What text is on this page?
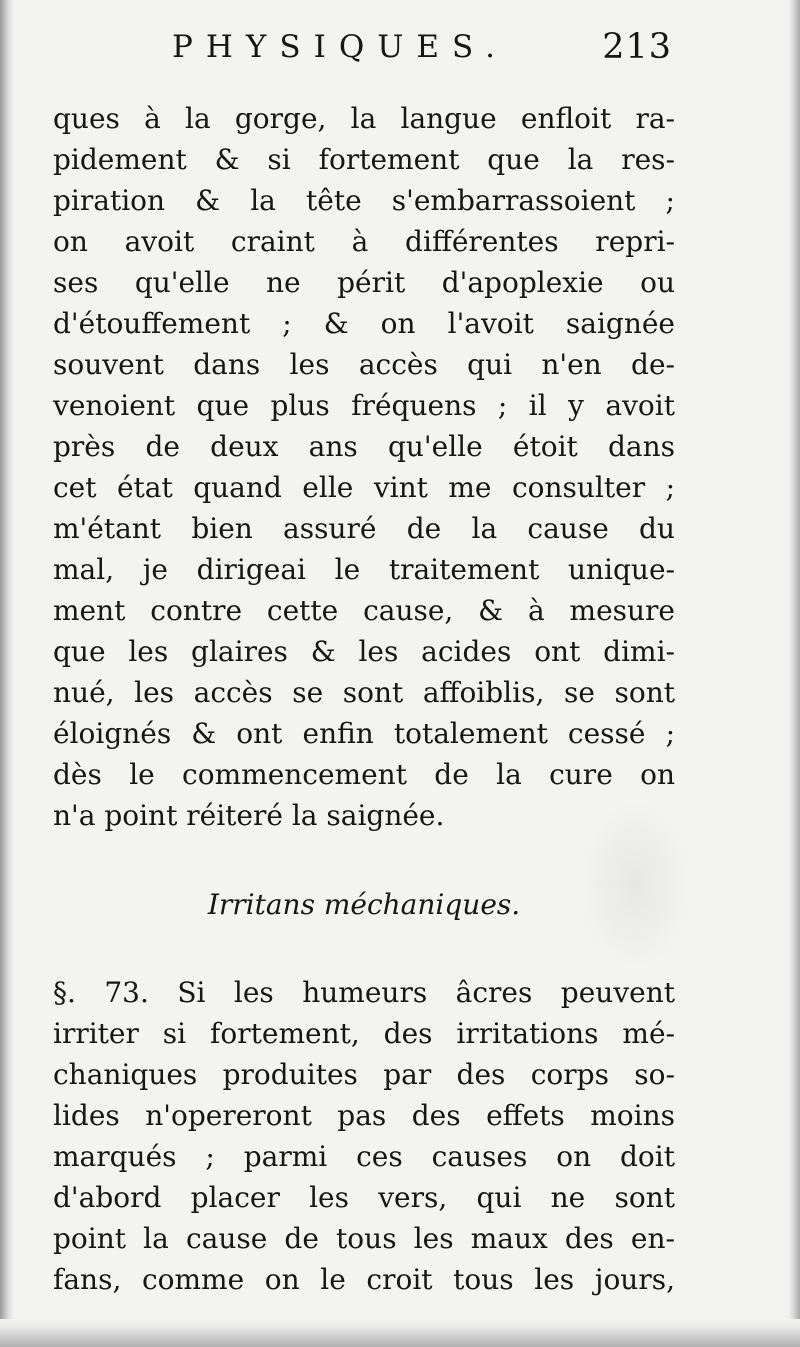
PHYSIQUES.	213
ques à la gorge, la langue enfloit ra-
pidement & si fortement que la res-
piration & la tête s'embarrassoient ;
on avoit craint à différentes repri-
ses qu'elle ne périt d'apoplexie ou
d'étouffement ; & on l'avoit saignée
souvent dans les accès qui n'en de-
venoient que plus fréquens ; il y avoit
près de deux ans qu'elle étoit dans
cet état quand elle vint me consulter ;
m'étant bien assuré de la cause du
mal, je dirigeai le traitement unique-
ment contre cette cause, & à mesure
que les glaires & les acides ont dimi-
nué, les accès se sont affoiblis, se sont
éloignés & ont enfin totalement cessé ;
dès le commencement de la cure on
n'a point réiteré la saignée.
Irritans méchaniques.
§. 73. Si les humeurs âcres peuvent
irriter si fortement, des irritations mé-
chaniques produites par des corps so-
lides n'opereront pas des effets moins
marqués ; parmi ces causes on doit
d'abord placer les vers, qui ne sont
point la cause de tous les maux des en-
fans, comme on le croit tous les jours,
